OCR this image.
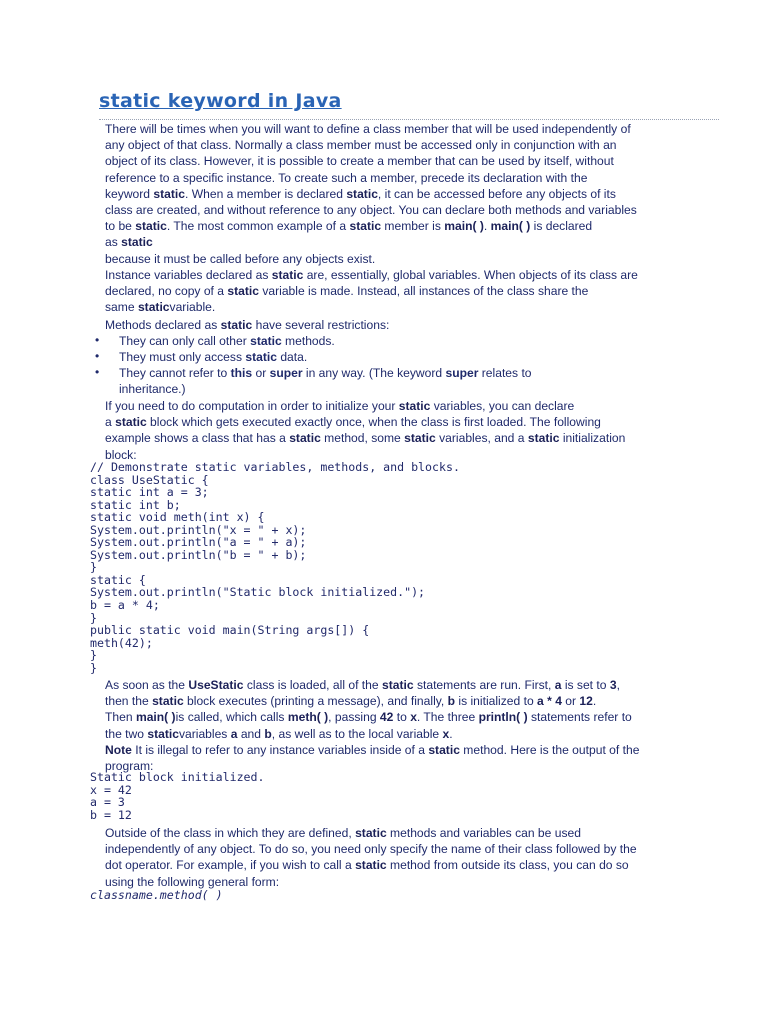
static keyword in Java

There will be times when you will want to define a class member that will be used independently of
any object of that class. Normally a class member must be accessed only in conjunction with an
object of its class. However, it is possible to create a member that can be used by itself, without
reference to a specific instance. To create such a member, precede its declaration with the
keyword static. When a member is declared static, it can be accessed before any objects of its
class are created, and without reference to any object. You can declare both methods and variables
to be static. The most common example of a static member is main( ). main( ) is declared
as static
because it must be called before any objects exist.

Instance variables declared as static are, essentially, global variables. When objects of its class are
declared, no copy of a static variable is made. Instead, all instances of the class share the
same staticvariable.

Methods declared as static have several restrictions:

• They can only call other static methods.

• They must only access static data.

• They cannot refer to this or super in any way. (The keyword super relates to
inheritance.)

If you need to do computation in order to initialize your static variables, you can declare
a static block which gets executed exactly once, when the class is first loaded. The following
example shows a class that has a static method, some static variables, and a static initialization
block:

// Demonstrate static variables, methods, and blocks.
class UseStatic {
static int a = 3;
static int b;
static void meth(int x) {
System.out.println("x = " + x);
System.out.println("a = " + a);
System.out.println("b = " + b);
}
static {
System.out.println("Static block initialized.");
b = a * 4;
}
public static void main(String args[]) {
meth(42);
}
}

As soon as the UseStatic class is loaded, all of the static statements are run. First, a is set to 3,
then the static block executes (printing a message), and finally, b is initialized to a * 4 or 12.
Then main( )is called, which calls meth( ), passing 42 to x. The three println( ) statements refer to
the two staticvariables a and b, as well as to the local variable x.
Note It is illegal to refer to any instance variables inside of a static method. Here is the output of the
program:

Static block initialized.
x = 42
a = 3
b = 12

Outside of the class in which they are defined, static methods and variables can be used
independently of any object. To do so, you need only specify the name of their class followed by the
dot operator. For example, if you wish to call a static method from outside its class, you can do so
using the following general form:

classname.method( )
